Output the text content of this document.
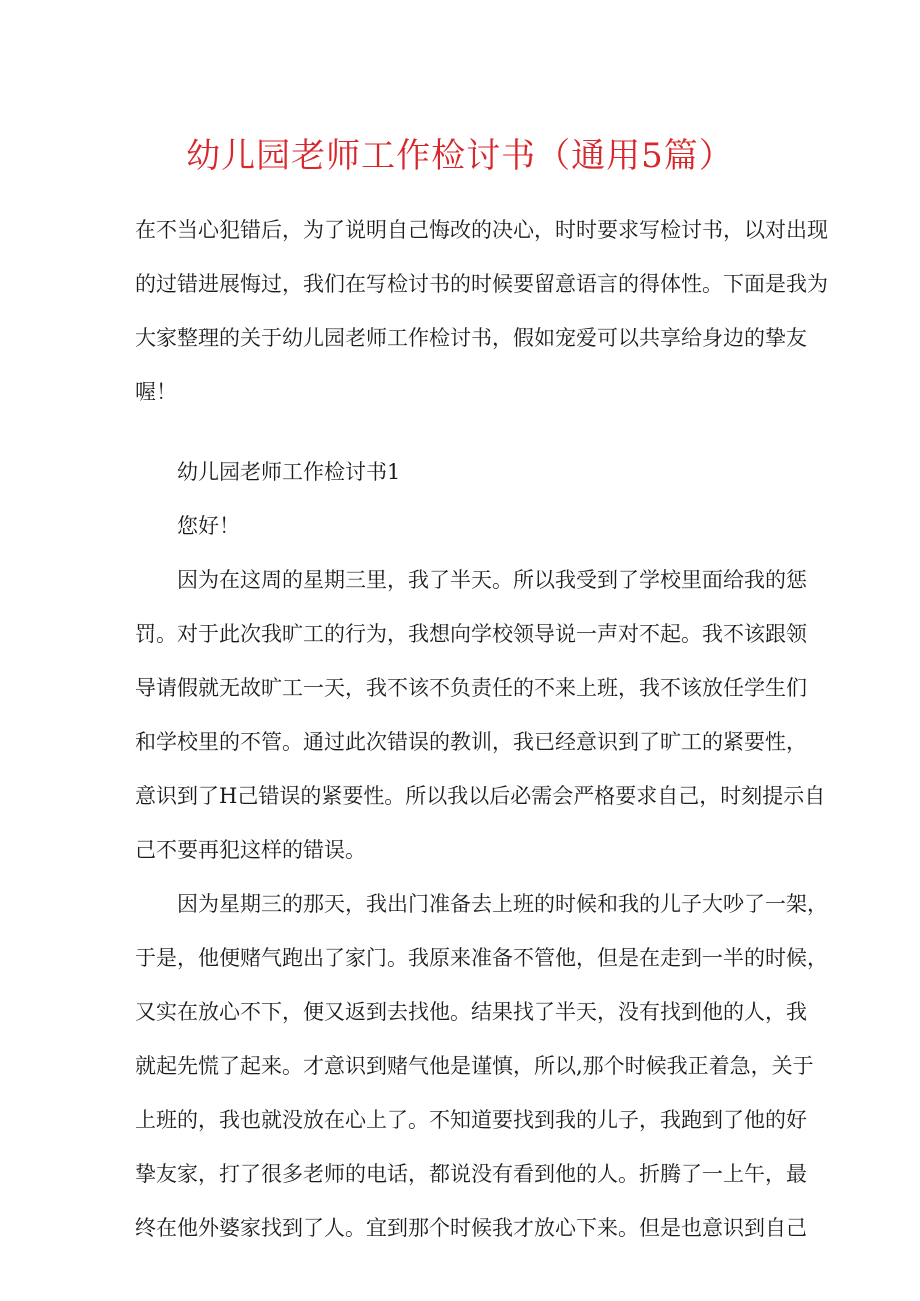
幼儿园老师工作检讨书（通用5篇）
在不当心犯错后，为了说明自己悔改的决心，时时要求写检讨书，以对出现
的过错进展悔过，我们在写检讨书的时候要留意语言的得体性。下面是我为
大家整理的关于幼儿园老师工作检讨书，假如宠爱可以共享给身边的挚友
喔！
幼儿园老师工作检讨书1
您好！
因为在这周的星期三里，我了半天。所以我受到了学校里面给我的惩
罚。对于此次我旷工的行为，我想向学校领导说一声对不起。我不该跟领
导请假就无故旷工一天，我不该不负责任的不来上班，我不该放任学生们
和学校里的不管。通过此次错误的教训，我已经意识到了旷工的紧要性，
意识到了H己错误的紧要性。所以我以后必需会严格要求自己，时刻提示自
己不要再犯这样的错误。
因为星期三的那天，我出门准备去上班的时候和我的儿子大吵了一架，
于是，他便赌气跑出了家门。我原来准备不管他，但是在走到一半的时候，
又实在放心不下，便又返到去找他。结果找了半天，没有找到他的人，我
就起先慌了起来。才意识到赌气他是谨慎，所以,那个时候我正着急，关于
上班的，我也就没放在心上了。不知道要找到我的儿子，我跑到了他的好
挚友家，打了很多老师的电话，都说没有看到他的人。折腾了一上午，最
终在他外婆家找到了人。宜到那个时候我才放心下来。但是也意识到自己
